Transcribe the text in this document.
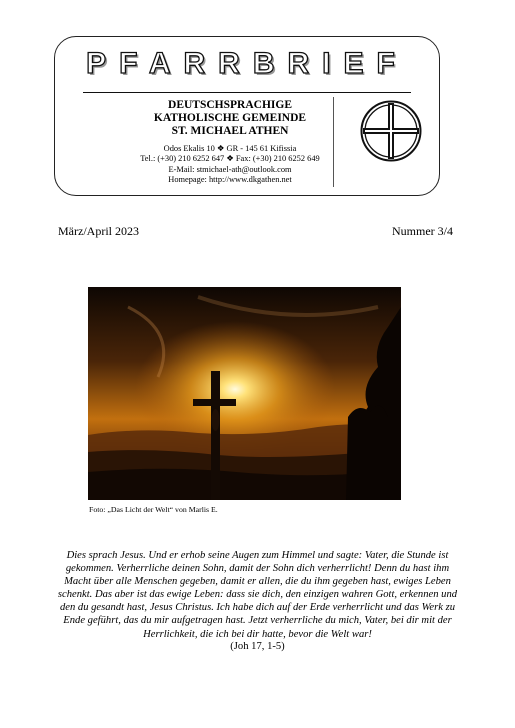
PFARRBRIEF
DEUTSCHSPRACHIGE
KATHOLISCHE GEMEINDE
ST. MICHAEL ATHEN
Odos Ekalis 10 ❖ GR - 145 61 Kifissia
Tel.: (+30) 210 6252 647 ❖ Fax: (+30) 210 6252 649
E-Mail: stmichael-ath@outlook.com
Homepage: http://www.dkgathen.net
März/April 2023	Nummer 3/4
Foto: „Das Licht der Welt“ von Marlis E.
Dies sprach Jesus. Und er erhob seine Augen zum Himmel und sagte: Vater, die Stunde ist
gekommen. Verherrliche deinen Sohn, damit der Sohn dich verherrlicht! Denn du hast ihm
Macht über alle Menschen gegeben, damit er allen, die du ihm gegeben hast, ewiges Leben
schenkt. Das aber ist das ewige Leben: dass sie dich, den einzigen wahren Gott, erkennen und
den du gesandt hast, Jesus Christus. Ich habe dich auf der Erde verherrlicht und das Werk zu
Ende geführt, das du mir aufgetragen hast. Jetzt verherrliche du mich, Vater, bei dir mit der
Herrlichkeit, die ich bei dir hatte, bevor die Welt war!
(Joh 17, 1-5)
